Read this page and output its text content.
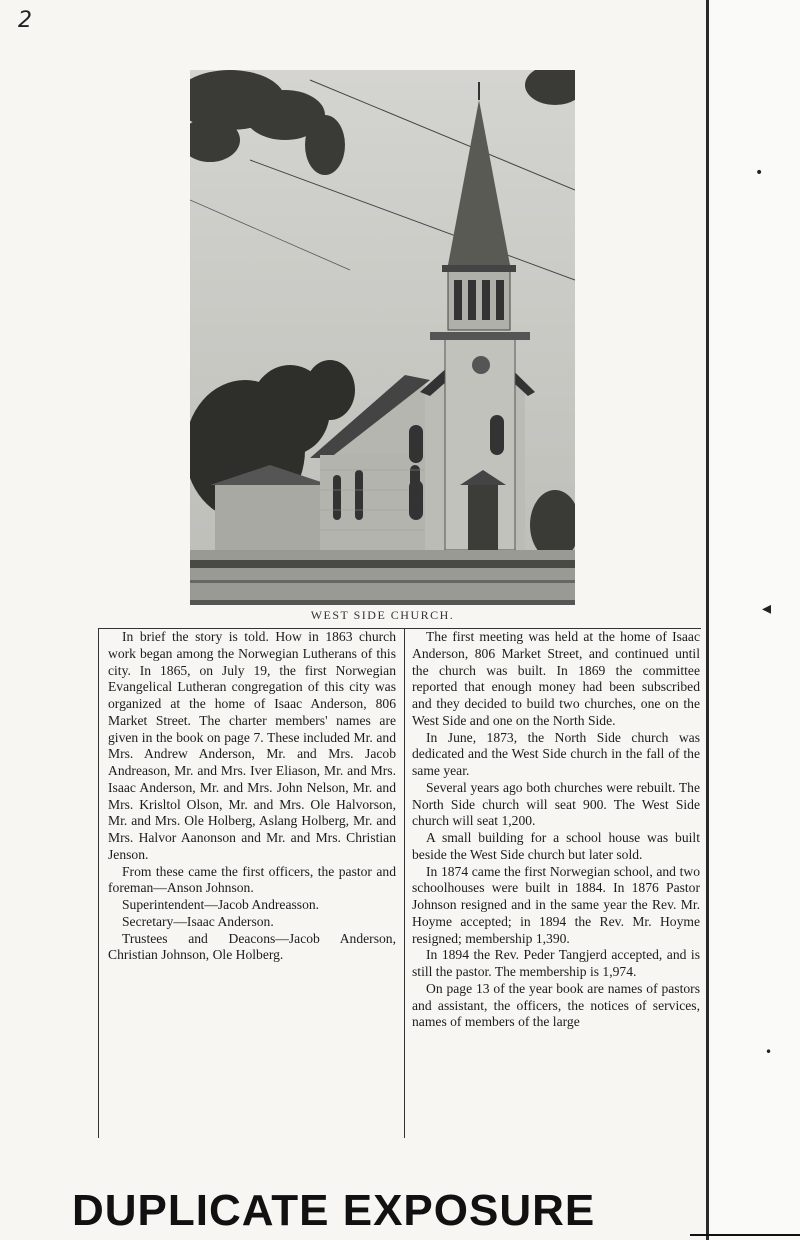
2
WEST SIDE CHURCH.

In brief the story is told. How in 1863 church work began among the Norwegian Lutherans of this city. In 1865, on July 19, the first Norwegian Evangelical Lutheran congregation of this city was organized at the home of Isaac Anderson, 806 Market Street. The charter members' names are given in the book on page 7. These included Mr. and Mrs. Andrew Anderson, Mr. and Mrs. Jacob Andreason, Mr. and Mrs. Iver Eliason, Mr. and Mrs. Isaac Anderson, Mr. and Mrs. John Nelson, Mr. and Mrs. Krisltol Olson, Mr. and Mrs. Ole Halvorson, Mr. and Mrs. Ole Holberg, Aslang Holberg, Mr. and Mrs. Halvor Aanonson and Mr. and Mrs. Christian Jenson.

From these came the first officers, the pastor and foreman—Anson Johnson.

Superintendent—Jacob Andreasson.

Secretary—Isaac Anderson.

Trustees and Deacons—Jacob Anderson, Christian Johnson, Ole Holberg.

The first meeting was held at the home of Isaac Anderson, 806 Market Street, and continued until the church was built. In 1869 the committee reported that enough money had been subscribed and they decided to build two churches, one on the West Side and one on the North Side.

In June, 1873, the North Side church was dedicated and the West Side church in the fall of the same year.

Several years ago both churches were rebuilt. The North Side church will seat 900. The West Side church will seat 1,200.

A small building for a school house was built beside the West Side church but later sold.

In 1874 came the first Norwegian school, and two schoolhouses were built in 1884. In 1876 Pastor Johnson resigned and in the same year the Rev. Mr. Hoyme accepted; in 1894 the Rev. Mr. Hoyme resigned; membership 1,390.

In 1894 the Rev. Peder Tangjerd accepted, and is still the pastor. The membership is 1,974.

On page 13 of the year book are names of pastors and assistant, the officers, the notices of services, names of members of the large

DUPLICATE EXPOSURE
•
◂
•
